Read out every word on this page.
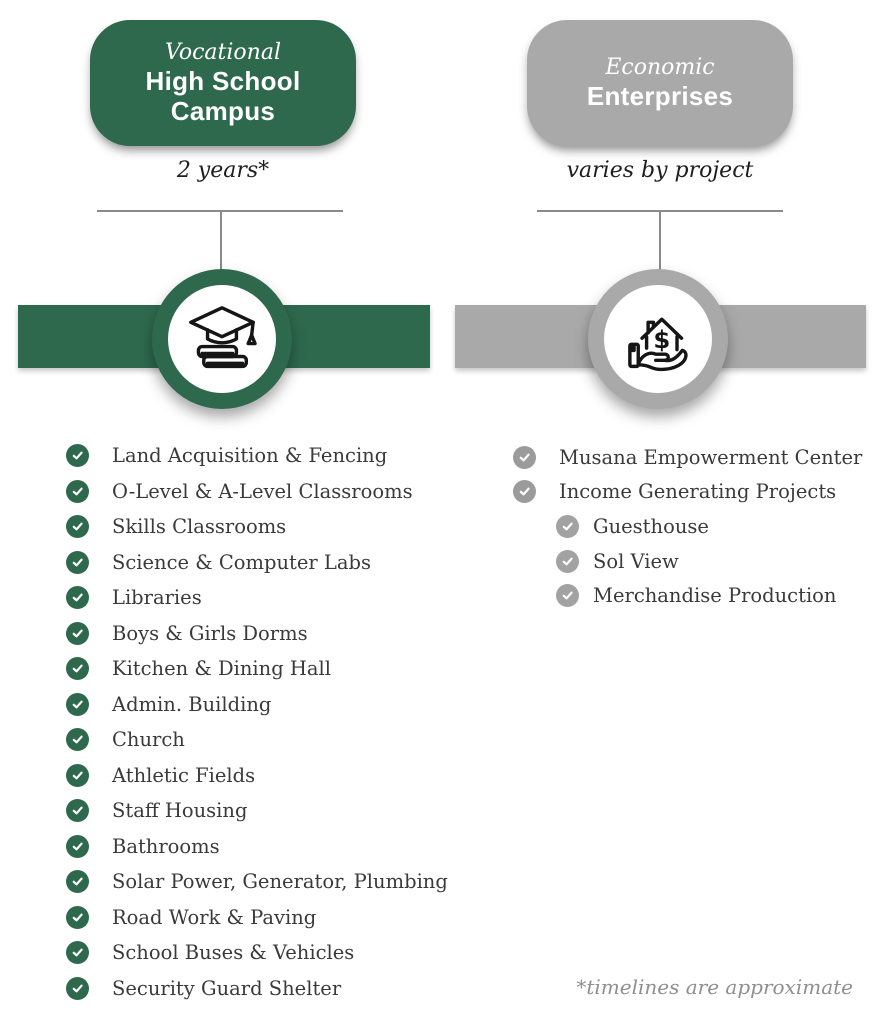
Vocational
High School Campus
Economic
Enterprises
2 years*	varies by project
$
Land Acquisition & Fencing
O-Level & A-Level Classrooms
Skills Classrooms
Science & Computer Labs
Libraries
Boys & Girls Dorms
Kitchen & Dining Hall
Admin. Building
Church
Athletic Fields
Staff Housing
Bathrooms
Solar Power, Generator, Plumbing
Road Work & Paving
School Buses & Vehicles
Security Guard Shelter
Musana Empowerment Center
Income Generating Projects
Guesthouse
Sol View
Merchandise Production
*timelines are approximate
